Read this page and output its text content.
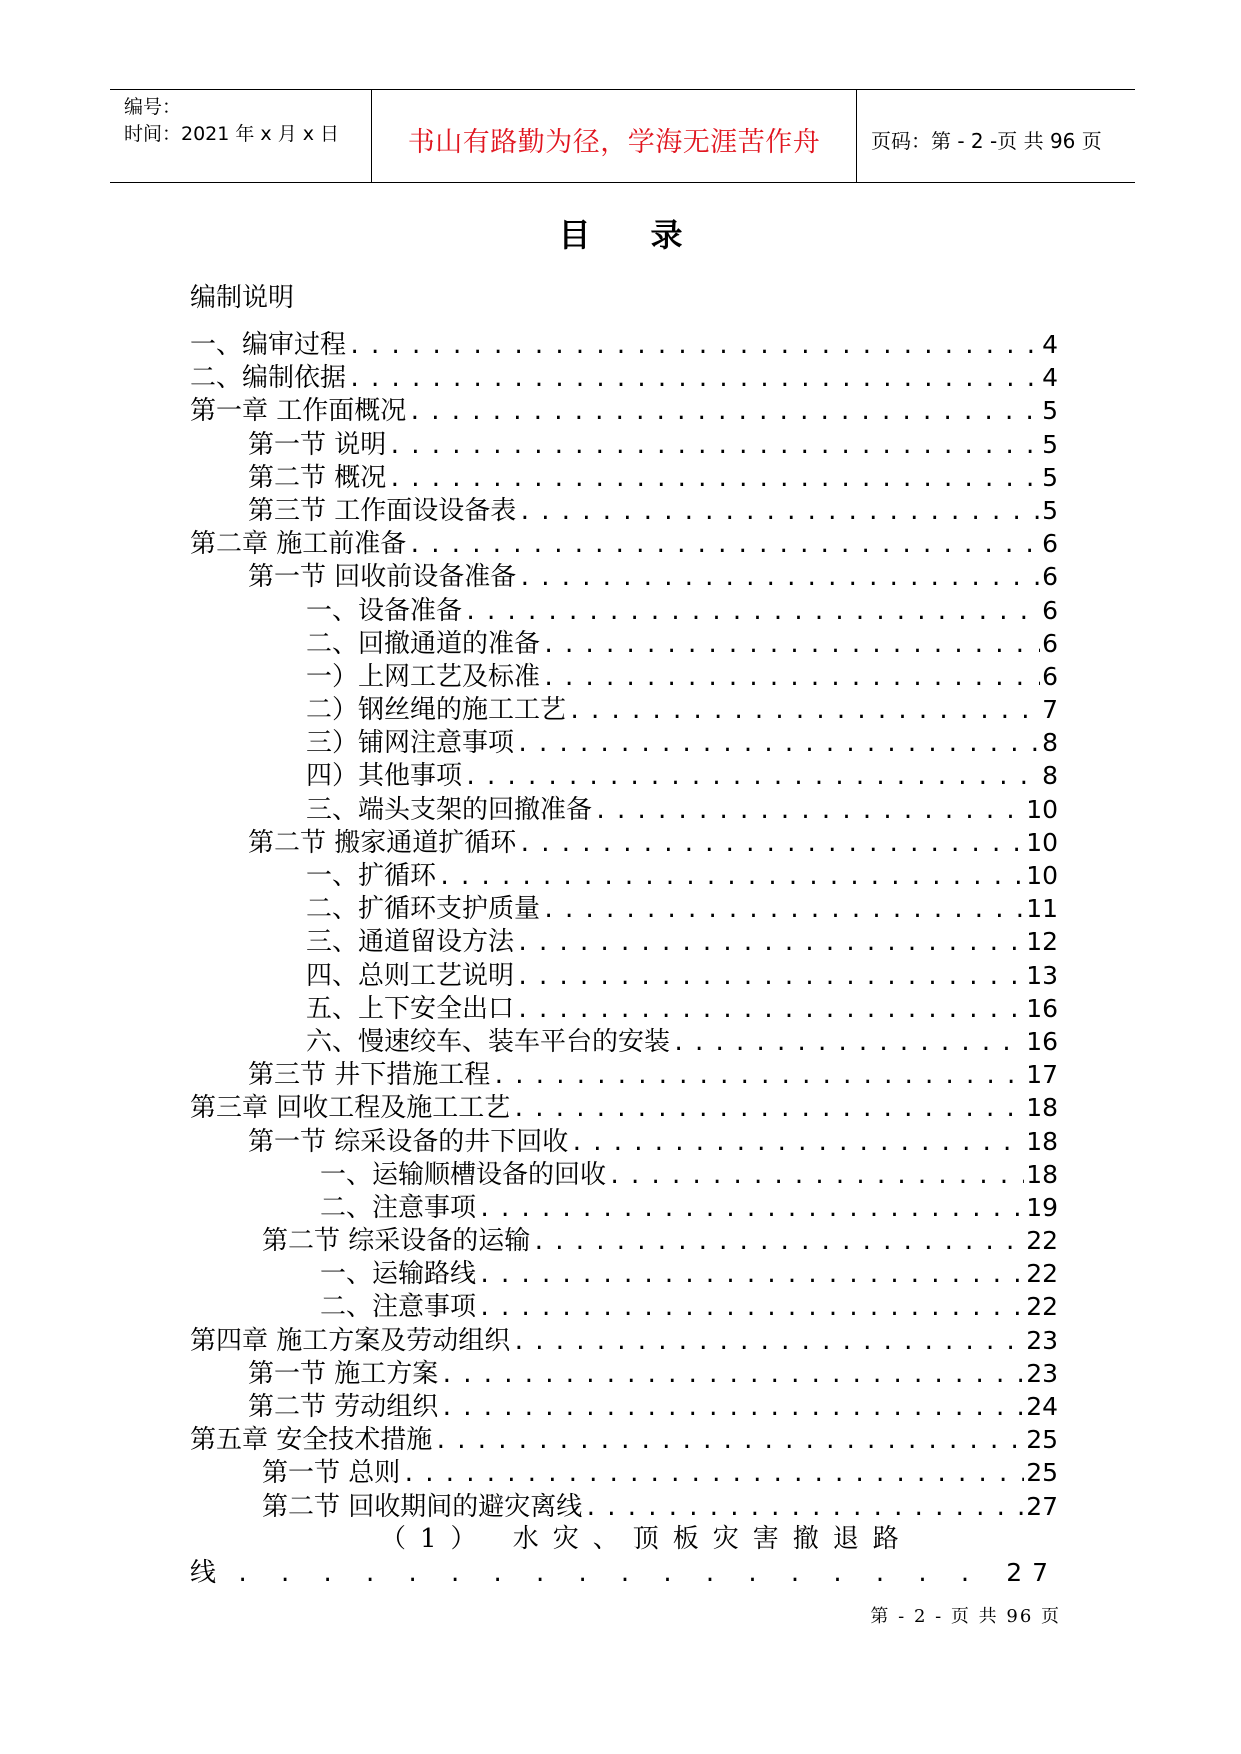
编号：
时间：2021 年 x 月 x 日	书山有路勤为径，学海无涯苦作舟	页码：第 - 2 -页 共 96 页
目录
编制说明
一、编审过程 . . .	4
二、编制依据 . . .	4
第一章 工作面概况 . . .	5
第一节 说明 . . .	5
第二节 概况 . . .	5
第三节 工作面设设备表 . . .	5
第二章 施工前准备 . . .	6
第一节 回收前设备准备 . . .	6
一、设备准备 . . .	6
二、回撤通道的准备 . . .	6
一）上网工艺及标准 . . .	6
二）钢丝绳的施工工艺 . . .	7
三）铺网注意事项 . . .	8
四）其他事项 . . .	8
三、端头支架的回撤准备 . . .	10
第二节 搬家通道扩循环 . . .	10
一、扩循环 . . .	10
二、扩循环支护质量 . . .	11
三、通道留设方法 . . .	12
四、总则工艺说明 . . .	13
五、上下安全出口 . . .	16
六、慢速绞车、装车平台的安装 . . .	16
第三节 井下措施工程 . . .	17
第三章 回收工程及施工工艺 . . .	18
第一节 综采设备的井下回收 . . .	18
一、运输顺槽设备的回收 . . .	18
二、注意事项 . . .	19
第二节 综采设备的运输 . . .	22
一、运输路线 . . .	22
二、注意事项 . . .	22
第四章 施工方案及劳动组织 . . .	23
第一节 施工方案 . . .	23
第二节 劳动组织 . . .	24
第五章 安全技术措施 . . .	25
第一节 总则 . . .	25
第二节 回收期间的避灾离线 . . .	27
（1） 水灾、顶板灾害撤退路
线 . . .	27
第 - 2 - 页 共 96 页
